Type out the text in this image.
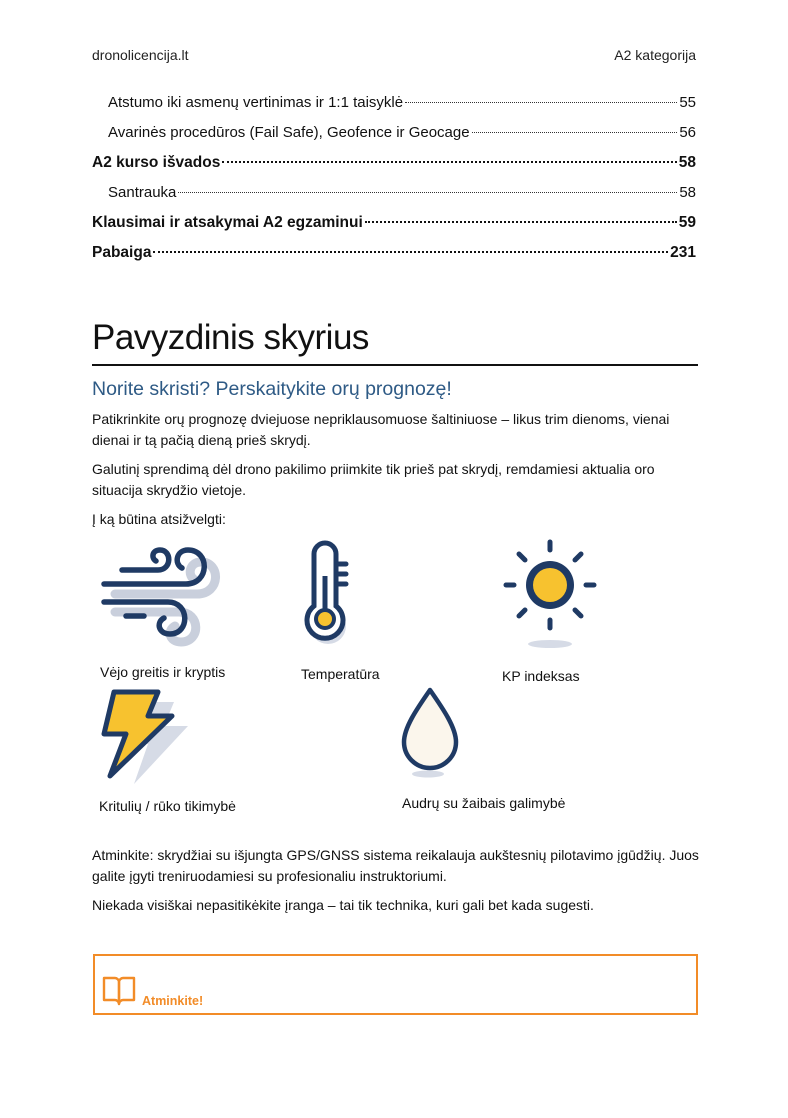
dronolicencija.lt	A2 kategorija
Atstumo iki asmenų vertinimas ir 1:1 taisyklė	55
Avarinės procedūros (Fail Safe), Geofence ir Geocage	56
A2 kurso išvados	58
Santrauka	58
Klausimai ir atsakymai A2 egzaminui	59
Pabaiga	231
Pavyzdinis skyrius
Norite skristi? Perskaitykite orų prognozę!
Patikrinkite orų prognozę dviejuose nepriklausomuose šaltiniuose – likus trim dienoms, vienai dienai ir tą pačią dieną prieš skrydį.
Galutinį sprendimą dėl drono pakilimo priimkite tik prieš pat skrydį, remdamiesi aktualia oro situacija skrydžio vietoje.
Į ką būtina atsižvelgti:
Vėjo greitis ir kryptis	Temperatūra	KP indeksas
Kritulių / rūko tikimybė	Audrų su žaibais galimybė
Atminkite: skrydžiai su išjungta GPS/GNSS sistema reikalauja aukštesnių pilotavimo įgūdžių. Juos galite įgyti treniruodamiesi su profesionaliu instruktoriumi.
Niekada visiškai nepasitikėkite įranga – tai tik technika, kuri gali bet kada sugesti.
Atminkite!
